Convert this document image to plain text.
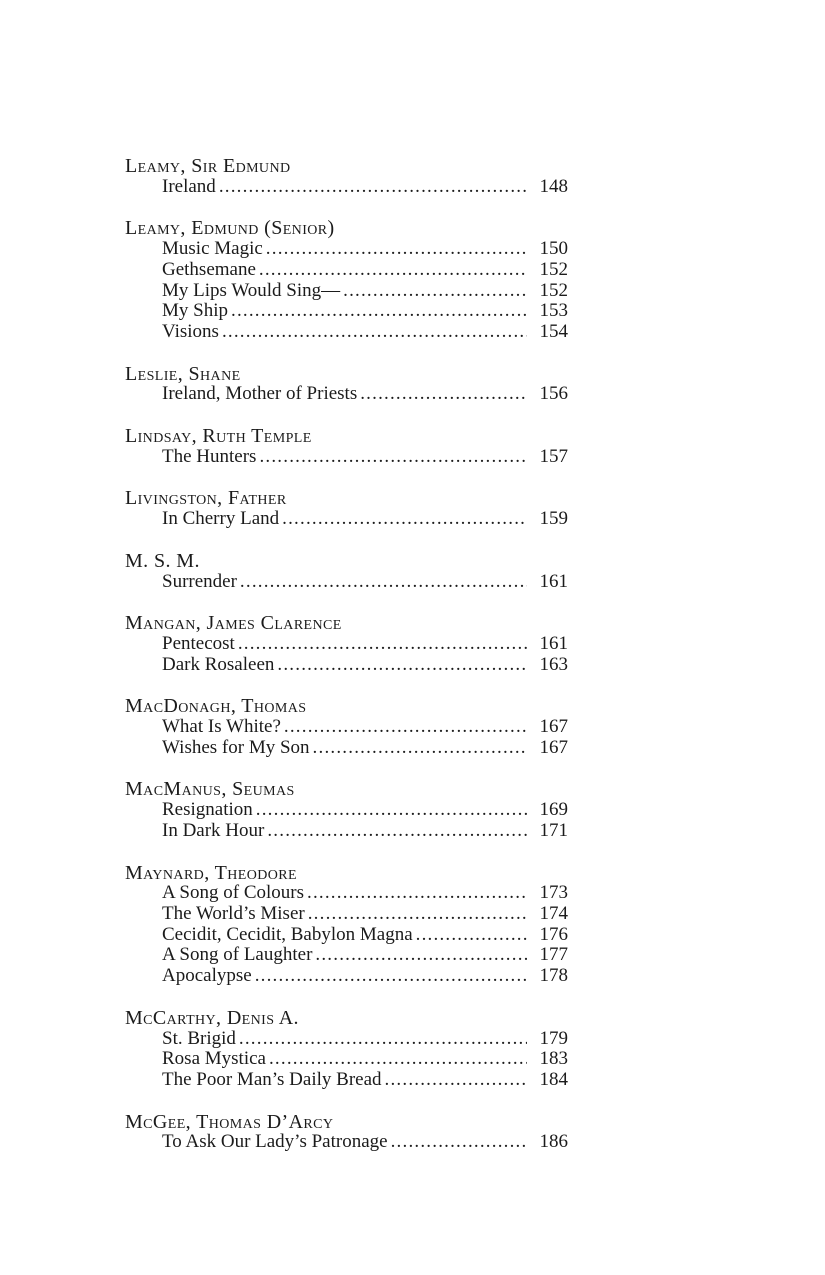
Leamy, Sir Edmund
Ireland .....	148
Leamy, Edmund (Senior)
Music Magic .....	150
Gethsemane .....	152
My Lips Would Sing— .....	152
My Ship .....	153
Visions .....	154
Leslie, Shane
Ireland, Mother of Priests .....	156
Lindsay, Ruth Temple
The Hunters .....	157
Livingston, Father
In Cherry Land .....	159
M. S. M.
Surrender .....	161
Mangan, James Clarence
Pentecost .....	161
Dark Rosaleen .....	163
MacDonagh, Thomas
What Is White? .....	167
Wishes for My Son .....	167
MacManus, Seumas
Resignation .....	169
In Dark Hour .....	171
Maynard, Theodore
A Song of Colours .....	173
The World’s Miser .....	174
Cecidit, Cecidit, Babylon Magna .....	176
A Song of Laughter .....	177
Apocalypse .....	178
McCarthy, Denis A.
St. Brigid .....	179
Rosa Mystica .....	183
The Poor Man’s Daily Bread .....	184
McGee, Thomas D’Arcy
To Ask Our Lady’s Patronage .....	186
